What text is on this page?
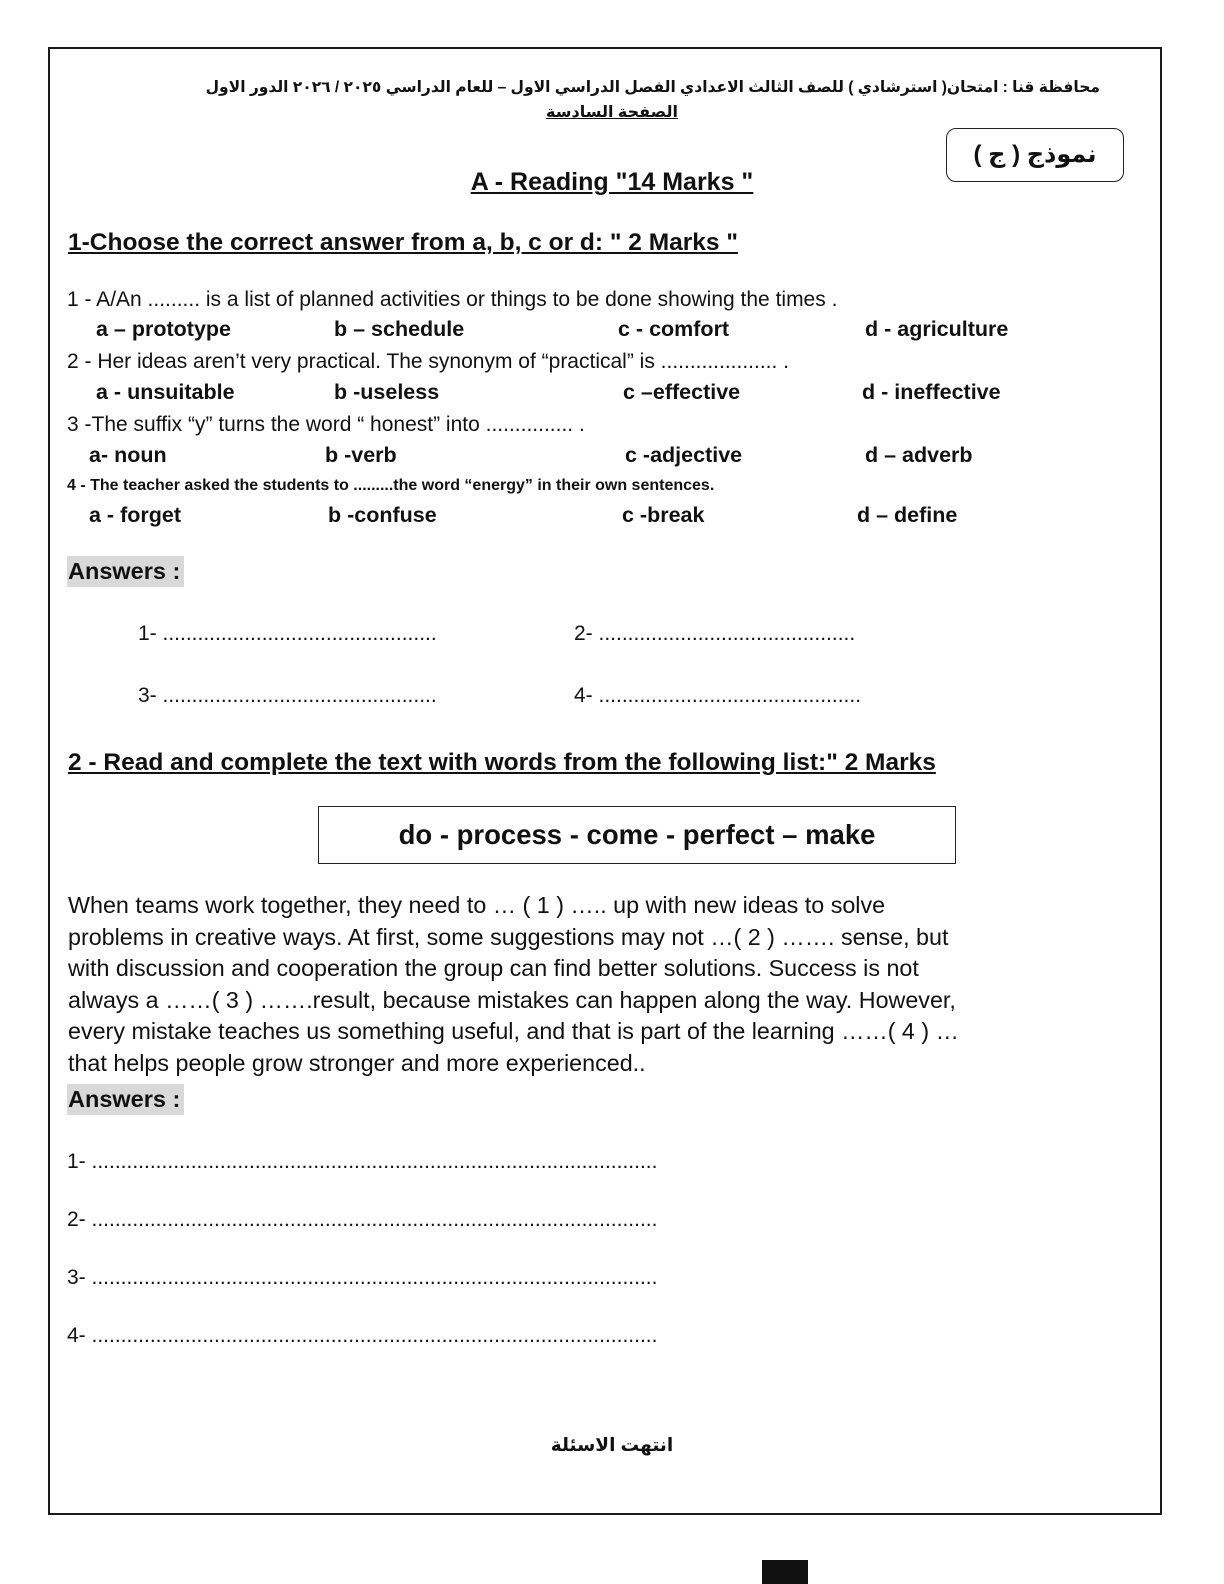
محافظة قنا : امتحان( استرشادي ) للصف الثالث الاعدادي الفصل الدراسي الاول – للعام الدراسي ٢٠٢٥ / ٢٠٢٦ الدور الاول
الصفحة السادسة
نموذج ( ج )
A - Reading "14 Marks "
1-Choose the correct answer from a, b, c or d: " 2 Marks "
1 - A/An ......... is a list of planned activities or things to be done showing the times .
a – prototype	b – schedule	c - comfort	d - agriculture
2 - Her ideas aren’t very practical. The synonym of “practical” is .................... .
a - unsuitable	b -useless	c –effective	d - ineffective
3 -The suffix “y” turns the word “ honest” into ............... .
a- noun	b -verb	c -adjective	d – adverb
4 - The teacher asked the students to .........the word “energy” in their own sentences.
a - forget	b -confuse	c -break	d – define
Answers :
1- ...............................................	2- ............................................
3- ...............................................	4- .............................................
2 - Read and complete the text with words from the following list:" 2 Marks
do - process - come - perfect – make

When teams work together, they need to … ( 1 ) ….. up with new ideas to solve

problems in creative ways. At first, some suggestions may not …( 2 ) ……. sense, but

with discussion and cooperation the group can find better solutions. Success is not

always a ……( 3 ) …….result, because mistakes can happen along the way. However,

every mistake teaches us something useful, and that is part of the learning ……( 4 ) …

that helps people grow stronger and more experienced..

Answers :
1- .................................................................................................
2- .................................................................................................
3- .................................................................................................
4- .................................................................................................
انتهت الاسئلة
